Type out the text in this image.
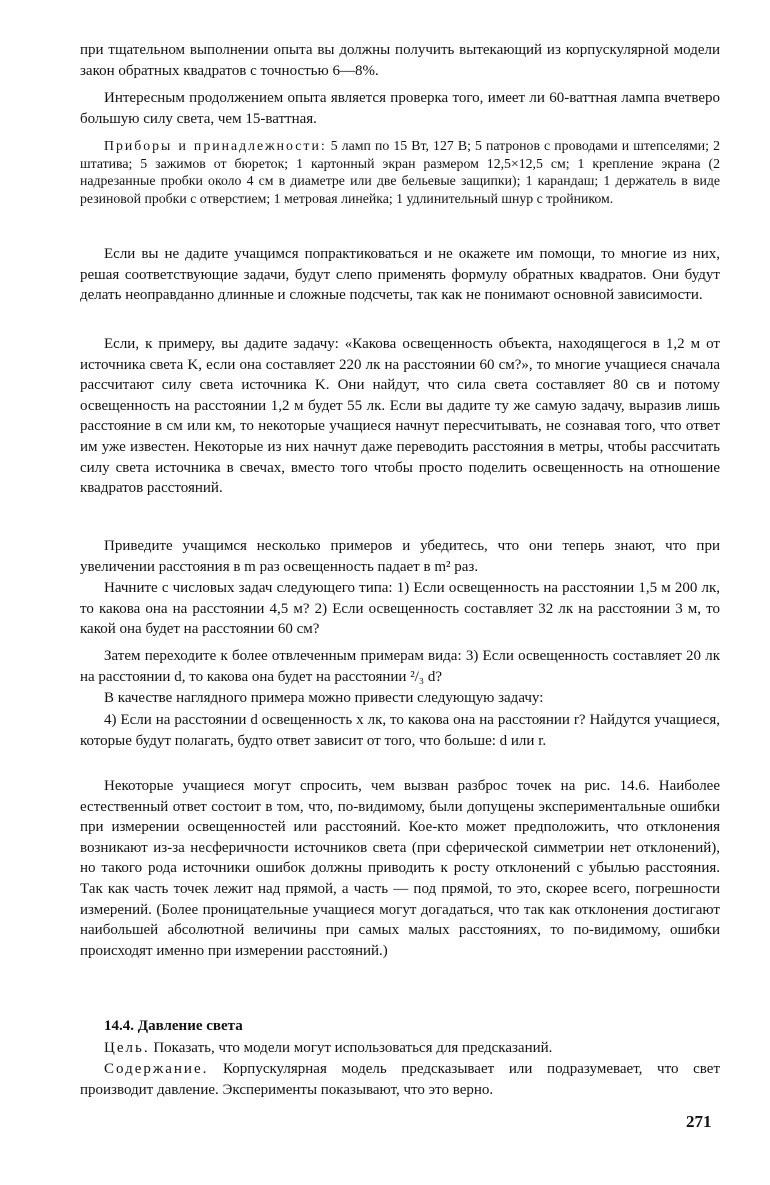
при тщательном выполнении опыта вы должны получить вытекающий из корпускулярной модели закон обратных квадратов с точностью 6—8%.

Интересным продолжением опыта является проверка того, имеет ли 60-ваттная лампа вчетверо большую силу света, чем 15-ваттная.

Приборы и принадлежности: 5 ламп по 15 Вт, 127 В; 5 патронов с проводами и штепселями; 2 штатива; 5 зажимов от бюреток; 1 картонный экран размером 12,5×12,5 см; 1 крепление экрана (2 надрезанные пробки около 4 см в диаметре или две бельевые защипки); 1 карандаш; 1 держатель в виде резиновой пробки с отверстием; 1 метровая линейка; 1 удлинительный шнур с тройником.

Если вы не дадите учащимся попрактиковаться и не окажете им помощи, то многие из них, решая соответствующие задачи, будут слепо применять формулу обратных квадратов. Они будут делать неоправданно длинные и сложные подсчеты, так как не понимают основной зависимости.

Если, к примеру, вы дадите задачу: «Какова освещенность объекта, находящегося в 1,2 м от источника света K, если она составляет 220 лк на расстоянии 60 см?», то многие учащиеся сначала рассчитают силу света источника K. Они найдут, что сила света составляет 80 св и потому освещенность на расстоянии 1,2 м будет 55 лк. Если вы дадите ту же самую задачу, выразив лишь расстояние в см или км, то некоторые учащиеся начнут пересчитывать, не сознавая того, что ответ им уже известен. Некоторые из них начнут даже переводить расстояния в метры, чтобы рассчитать силу света источника в свечах, вместо того чтобы просто поделить освещенность на отношение квадратов расстояний.

Приведите учащимся несколько примеров и убедитесь, что они теперь знают, что при увеличении расстояния в m раз освещенность падает в m² раз.

Начните с числовых задач следующего типа: 1) Если освещенность на расстоянии 1,5 м 200 лк, то какова она на расстоянии 4,5 м? 2) Если освещенность составляет 32 лк на расстоянии 3 м, то какой она будет на расстоянии 60 см?

Затем переходите к более отвлеченным примерам вида: 3) Если освещенность составляет 20 лк на расстоянии d, то какова она будет на расстоянии ²/₃ d?

В качестве наглядного примера можно привести следующую задачу:

4) Если на расстоянии d освещенность x лк, то какова она на расстоянии r? Найдутся учащиеся, которые будут полагать, будто ответ зависит от того, что больше: d или r.

Некоторые учащиеся могут спросить, чем вызван разброс точек на рис. 14.6. Наиболее естественный ответ состоит в том, что, по-видимому, были допущены экспериментальные ошибки при измерении освещенностей или расстояний. Кое-кто может предположить, что отклонения возникают из-за несферичности источников света (при сферической симметрии нет отклонений), но такого рода источники ошибок должны приводить к росту отклонений с убылью расстояния. Так как часть точек лежит над прямой, а часть — под прямой, то это, скорее всего, погрешности измерений. (Более проницательные учащиеся могут догадаться, что так как отклонения достигают наибольшей абсолютной величины при самых малых расстояниях, то по-видимому, ошибки происходят именно при измерении расстояний.)

14.4. Давление света

Цель. Показать, что модели могут использоваться для предсказаний.

Содержание. Корпускулярная модель предсказывает или подразумевает, что свет производит давление. Эксперименты показывают, что это верно.

271
